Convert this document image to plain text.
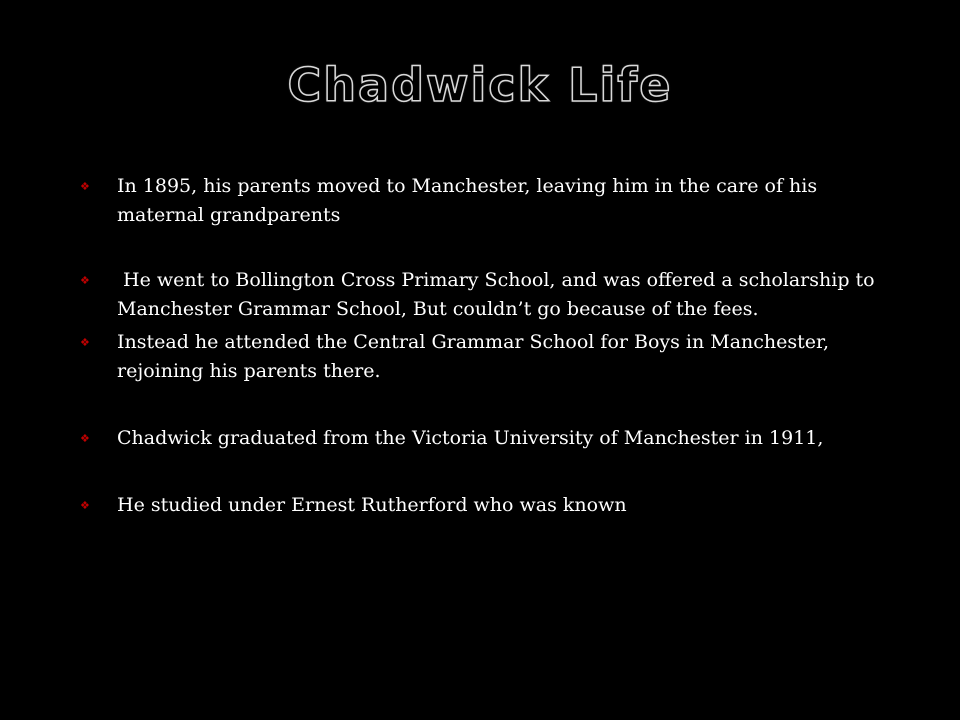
Chadwick Life
❖ In 1895, his parents moved to Manchester, leaving him in the care of his maternal grandparents
❖ He went to Bollington Cross Primary School, and was offered a scholarship to Manchester Grammar School, But couldn’t go because of the fees.
❖ Instead he attended the Central Grammar School for Boys in Manchester, rejoining his parents there.
❖ Chadwick graduated from the Victoria University of Manchester in 1911,
❖ He studied under Ernest Rutherford who was known
